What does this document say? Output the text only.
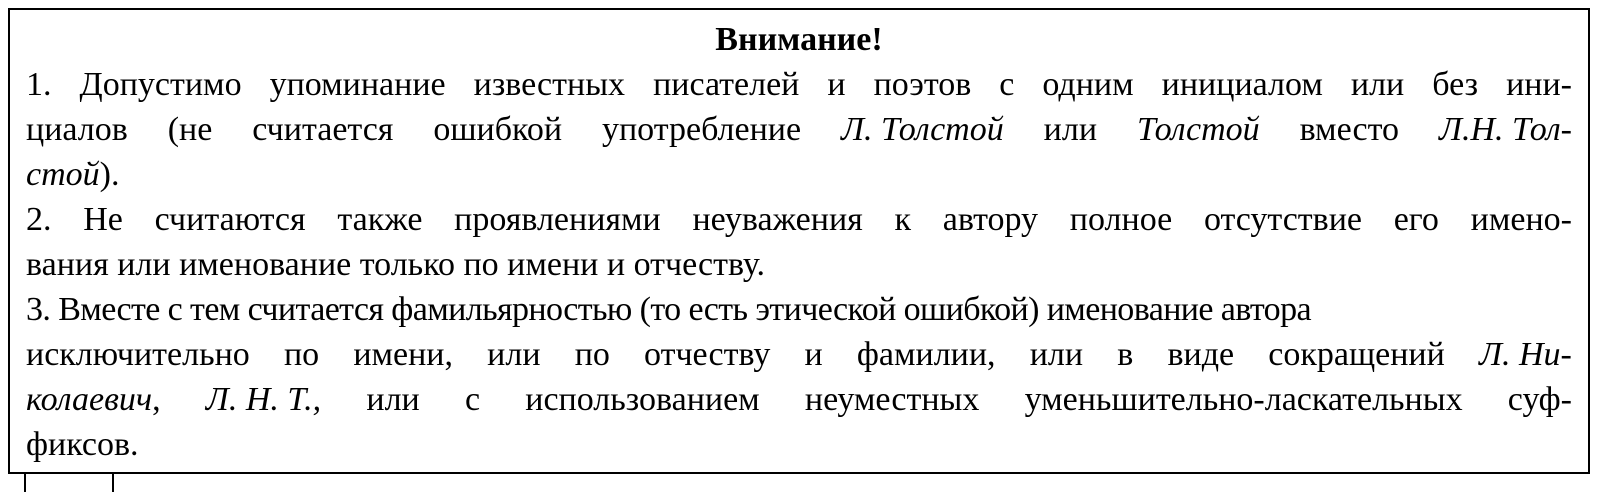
Внимание!

1. Допустимо упоминание известных писателей и поэтов с одним инициалом или без ини-
циалов (не считается ошибкой употребление Л. Толстой или Толстой вместо Л.Н. Тол-
стой).
2. Не считаются также проявлениями неуважения к автору полное отсутствие его имено-
вания или именование только по имени и отчеству.
3. Вместе с тем считается фамильярностью (то есть этической ошибкой) именование автора
исключительно по имени, или по отчеству и фамилии, или в виде сокращений Л. Ни-
колаевич, Л. Н. Т., или с использованием неуместных уменьшительно-ласкательных суф-
фиксов.
